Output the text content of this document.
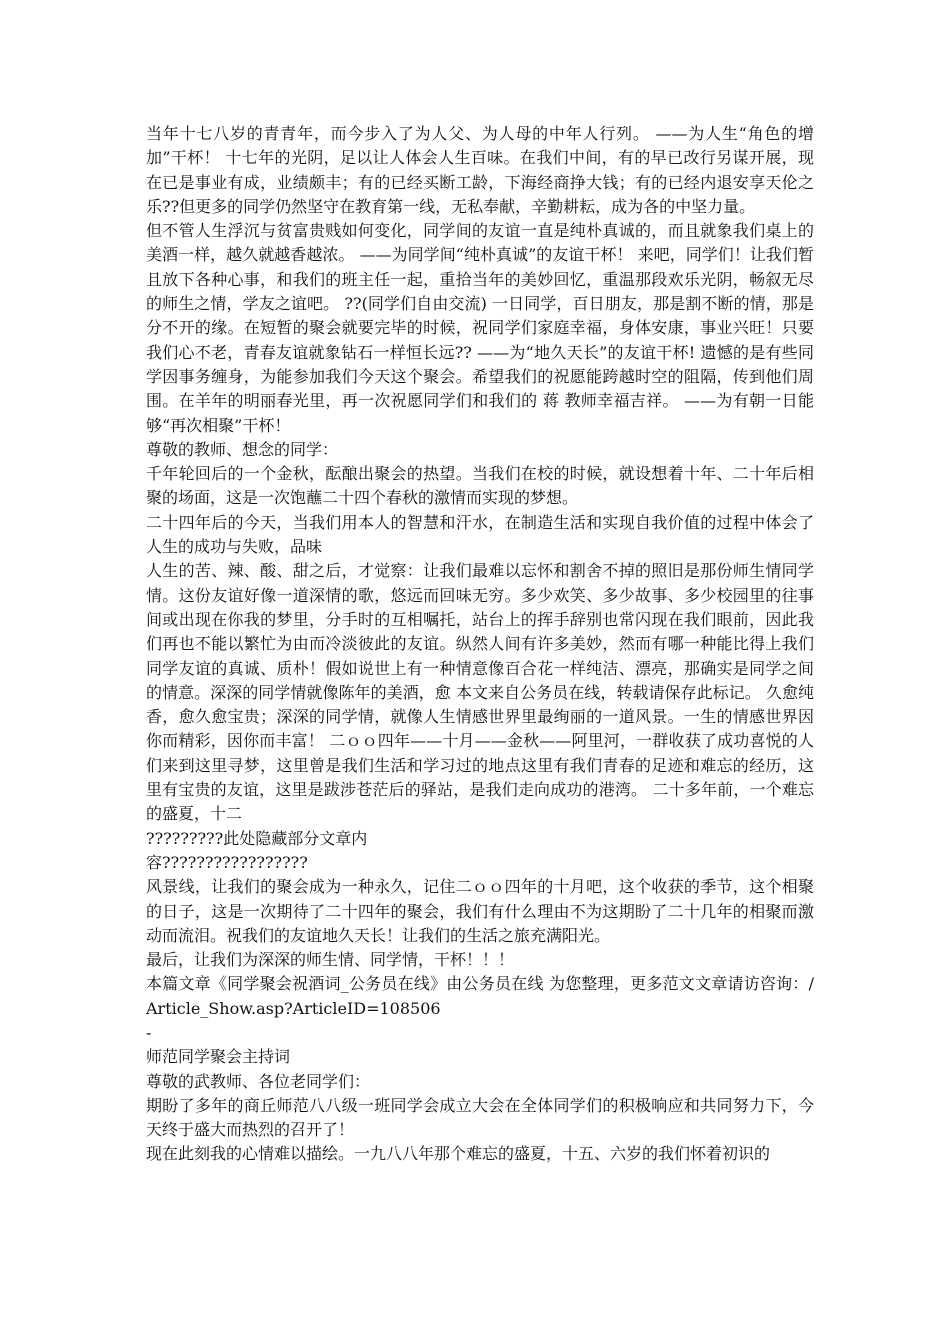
当年十七八岁的青青年，而今步入了为人父、为人母的中年人行列。 ——为人生“角色的增加”干杯！ 十七年的光阴，足以让人体会人生百味。在我们中间，有的早已改行另谋开展，现在已是事业有成，业绩颇丰；有的已经买断工龄，下海经商挣大钱；有的已经内退安享天伦之乐??但更多的同学仍然坚守在教育第一线，无私奉献，辛勤耕耘，成为各的中坚力量。

但不管人生浮沉与贫富贵贱如何变化，同学间的友谊一直是纯朴真诚的，而且就象我们桌上的美酒一样，越久就越香越浓。 ——为同学间“纯朴真诚”的友谊干杯！ 来吧，同学们！让我们暂且放下各种心事，和我们的班主任一起，重拾当年的美妙回忆，重温那段欢乐光阴，畅叙无尽的师生之情，学友之谊吧。 ??(同学们自由交流) 一日同学，百日朋友，那是割不断的情，那是分不开的缘。在短暂的聚会就要完毕的时候，祝同学们家庭幸福，身体安康，事业兴旺！只要我们心不老，青春友谊就象钻石一样恒长远?? ——为“地久天长”的友谊干杯! 遗憾的是有些同学因事务缠身，为能参加我们今天这个聚会。希望我们的祝愿能跨越时空的阻隔，传到他们周围。在羊年的明丽春光里，再一次祝愿同学们和我们的 蒋 教师幸福吉祥。 ——为有朝一日能够“再次相聚”干杯！

尊敬的教师、想念的同学：

千年轮回后的一个金秋，酝酿出聚会的热望。当我们在校的时候，就设想着十年、二十年后相聚的场面，这是一次饱蘸二十四个春秋的激情而实现的梦想。

二十四年后的今天，当我们用本人的智慧和汗水，在制造生活和实现自我价值的过程中体会了人生的成功与失败，品味

人生的苦、辣、酸、甜之后，才觉察：让我们最难以忘怀和割舍不掉的照旧是那份师生情同学情。这份友谊好像一道深情的歌，悠远而回味无穷。多少欢笑、多少故事、多少校园里的往事间或出现在你我的梦里，分手时的互相嘱托，站台上的挥手辞别也常闪现在我们眼前，因此我们再也不能以繁忙为由而冷淡彼此的友谊。纵然人间有许多美妙，然而有哪一种能比得上我们同学友谊的真诚、质朴！假如说世上有一种情意像百合花一样纯洁、漂亮，那确实是同学之间的情意。深深的同学情就像陈年的美酒，愈 本文来自公务员在线，转载请保存此标记。 久愈纯香，愈久愈宝贵；深深的同学情，就像人生情感世界里最绚丽的一道风景。一生的情感世界因你而精彩，因你而丰富！ 二ｏｏ四年——十月——金秋——阿里河，一群收获了成功喜悦的人们来到这里寻梦，这里曾是我们生活和学习过的地点这里有我们青春的足迹和难忘的经历，这里有宝贵的友谊，这里是跋涉苍茫后的驿站，是我们走向成功的港湾。 二十多年前，一个难忘的盛夏，十二

?????????此处隐藏部分文章内

容?????????????????

风景线，让我们的聚会成为一种永久，记住二ｏｏ四年的十月吧，这个收获的季节，这个相聚的日子，这是一次期待了二十四年的聚会，我们有什么理由不为这期盼了二十几年的相聚而激动而流泪。祝我们的友谊地久天长！让我们的生活之旅充满阳光。

最后，让我们为深深的师生情、同学情，干杯！！！

本篇文章《同学聚会祝酒词_公务员在线》由公务员在线 为您整理，更多范文文章请访咨询：/Article_Show.asp?ArticleID=108506

-

师范同学聚会主持词

尊敬的武教师、各位老同学们：

期盼了多年的商丘师范八八级一班同学会成立大会在全体同学们的积极响应和共同努力下，今天终于盛大而热烈的召开了！

现在此刻我的心情难以描绘。一九八八年那个难忘的盛夏，十五、六岁的我们怀着初识的
